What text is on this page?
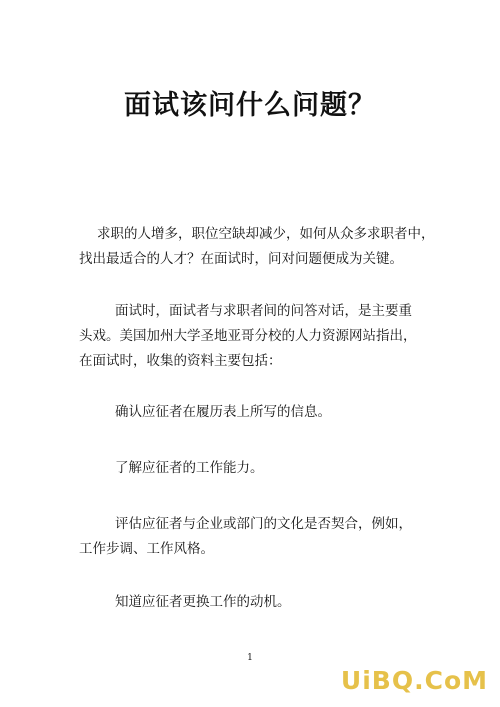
面试该问什么问题？

求职的人增多，职位空缺却减少，如何从众多求职者中，
找出最适合的人才？在面试时，问对问题便成为关键。

面试时，面试者与求职者间的问答对话，是主要重
头戏。美国加州大学圣地亚哥分校的人力资源网站指出，
在面试时，收集的资料主要包括：

确认应征者在履历表上所写的信息。

了解应征者的工作能力。

评估应征者与企业或部门的文化是否契合，例如，
工作步调、工作风格。

知道应征者更换工作的动机。

1
UiBQ.CoM
